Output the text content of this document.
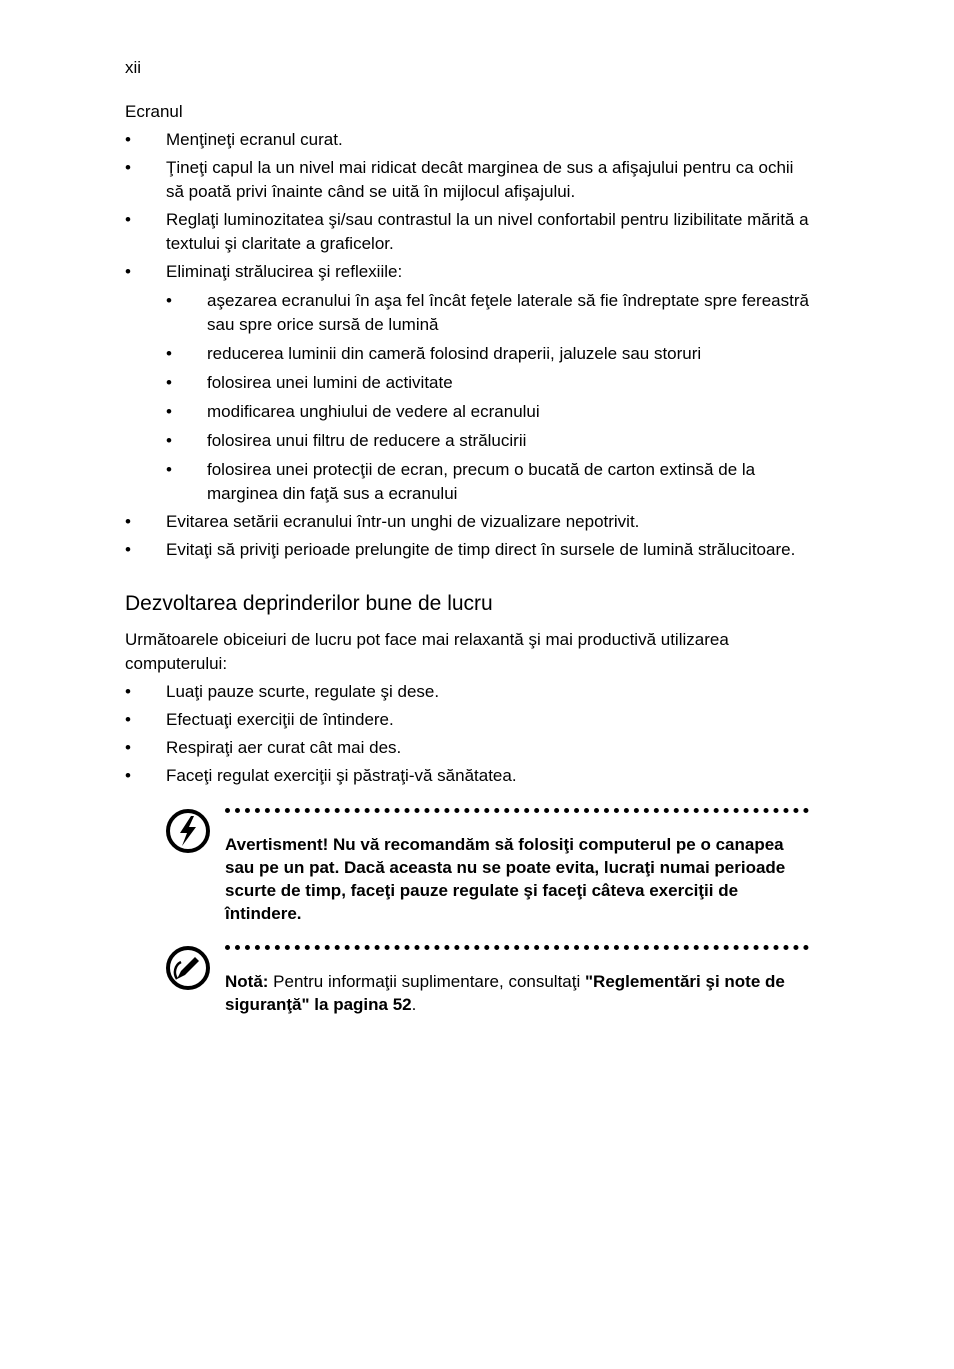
xii

Ecranul

• Menţineţi ecranul curat.
• Ţineţi capul la un nivel mai ridicat decât marginea de sus a afişajului pentru ca ochii să poată privi înainte când se uită în mijlocul afişajului.
• Reglaţi luminozitatea şi/sau contrastul la un nivel confortabil pentru lizibilitate mărită a textului şi claritate a graficelor.
• Eliminaţi strălucirea şi reflexiile:
• aşezarea ecranului în aşa fel încât feţele laterale să fie îndreptate spre fereastră sau spre orice sursă de lumină
• reducerea luminii din cameră folosind draperii, jaluzele sau storuri
• folosirea unei lumini de activitate
• modificarea unghiului de vedere al ecranului
• folosirea unui filtru de reducere a strălucirii
• folosirea unei protecţii de ecran, precum o bucată de carton extinsă de la marginea din faţă sus a ecranului
• Evitarea setării ecranului într-un unghi de vizualizare nepotrivit.
• Evitaţi să priviţi perioade prelungite de timp direct în sursele de lumină strălucitoare.
Dezvoltarea deprinderilor bune de lucru

Următoarele obiceiuri de lucru pot face mai relaxantă şi mai productivă utilizarea computerului:

• Luaţi pauze scurte, regulate şi dese.
• Efectuaţi exerciţii de întindere.
• Respiraţi aer curat cât mai des.
• Faceţi regulat exerciţii şi păstraţi-vă sănătatea.
Avertisment! Nu vă recomandăm să folosiţi computerul pe o canapea sau pe un pat. Dacă aceasta nu se poate evita, lucraţi numai perioade scurte de timp, faceţi pauze regulate şi faceţi câteva exerciţii de întindere.
Notă: Pentru informaţii suplimentare, consultaţi "Reglementări şi note de siguranţă" la pagina 52.
